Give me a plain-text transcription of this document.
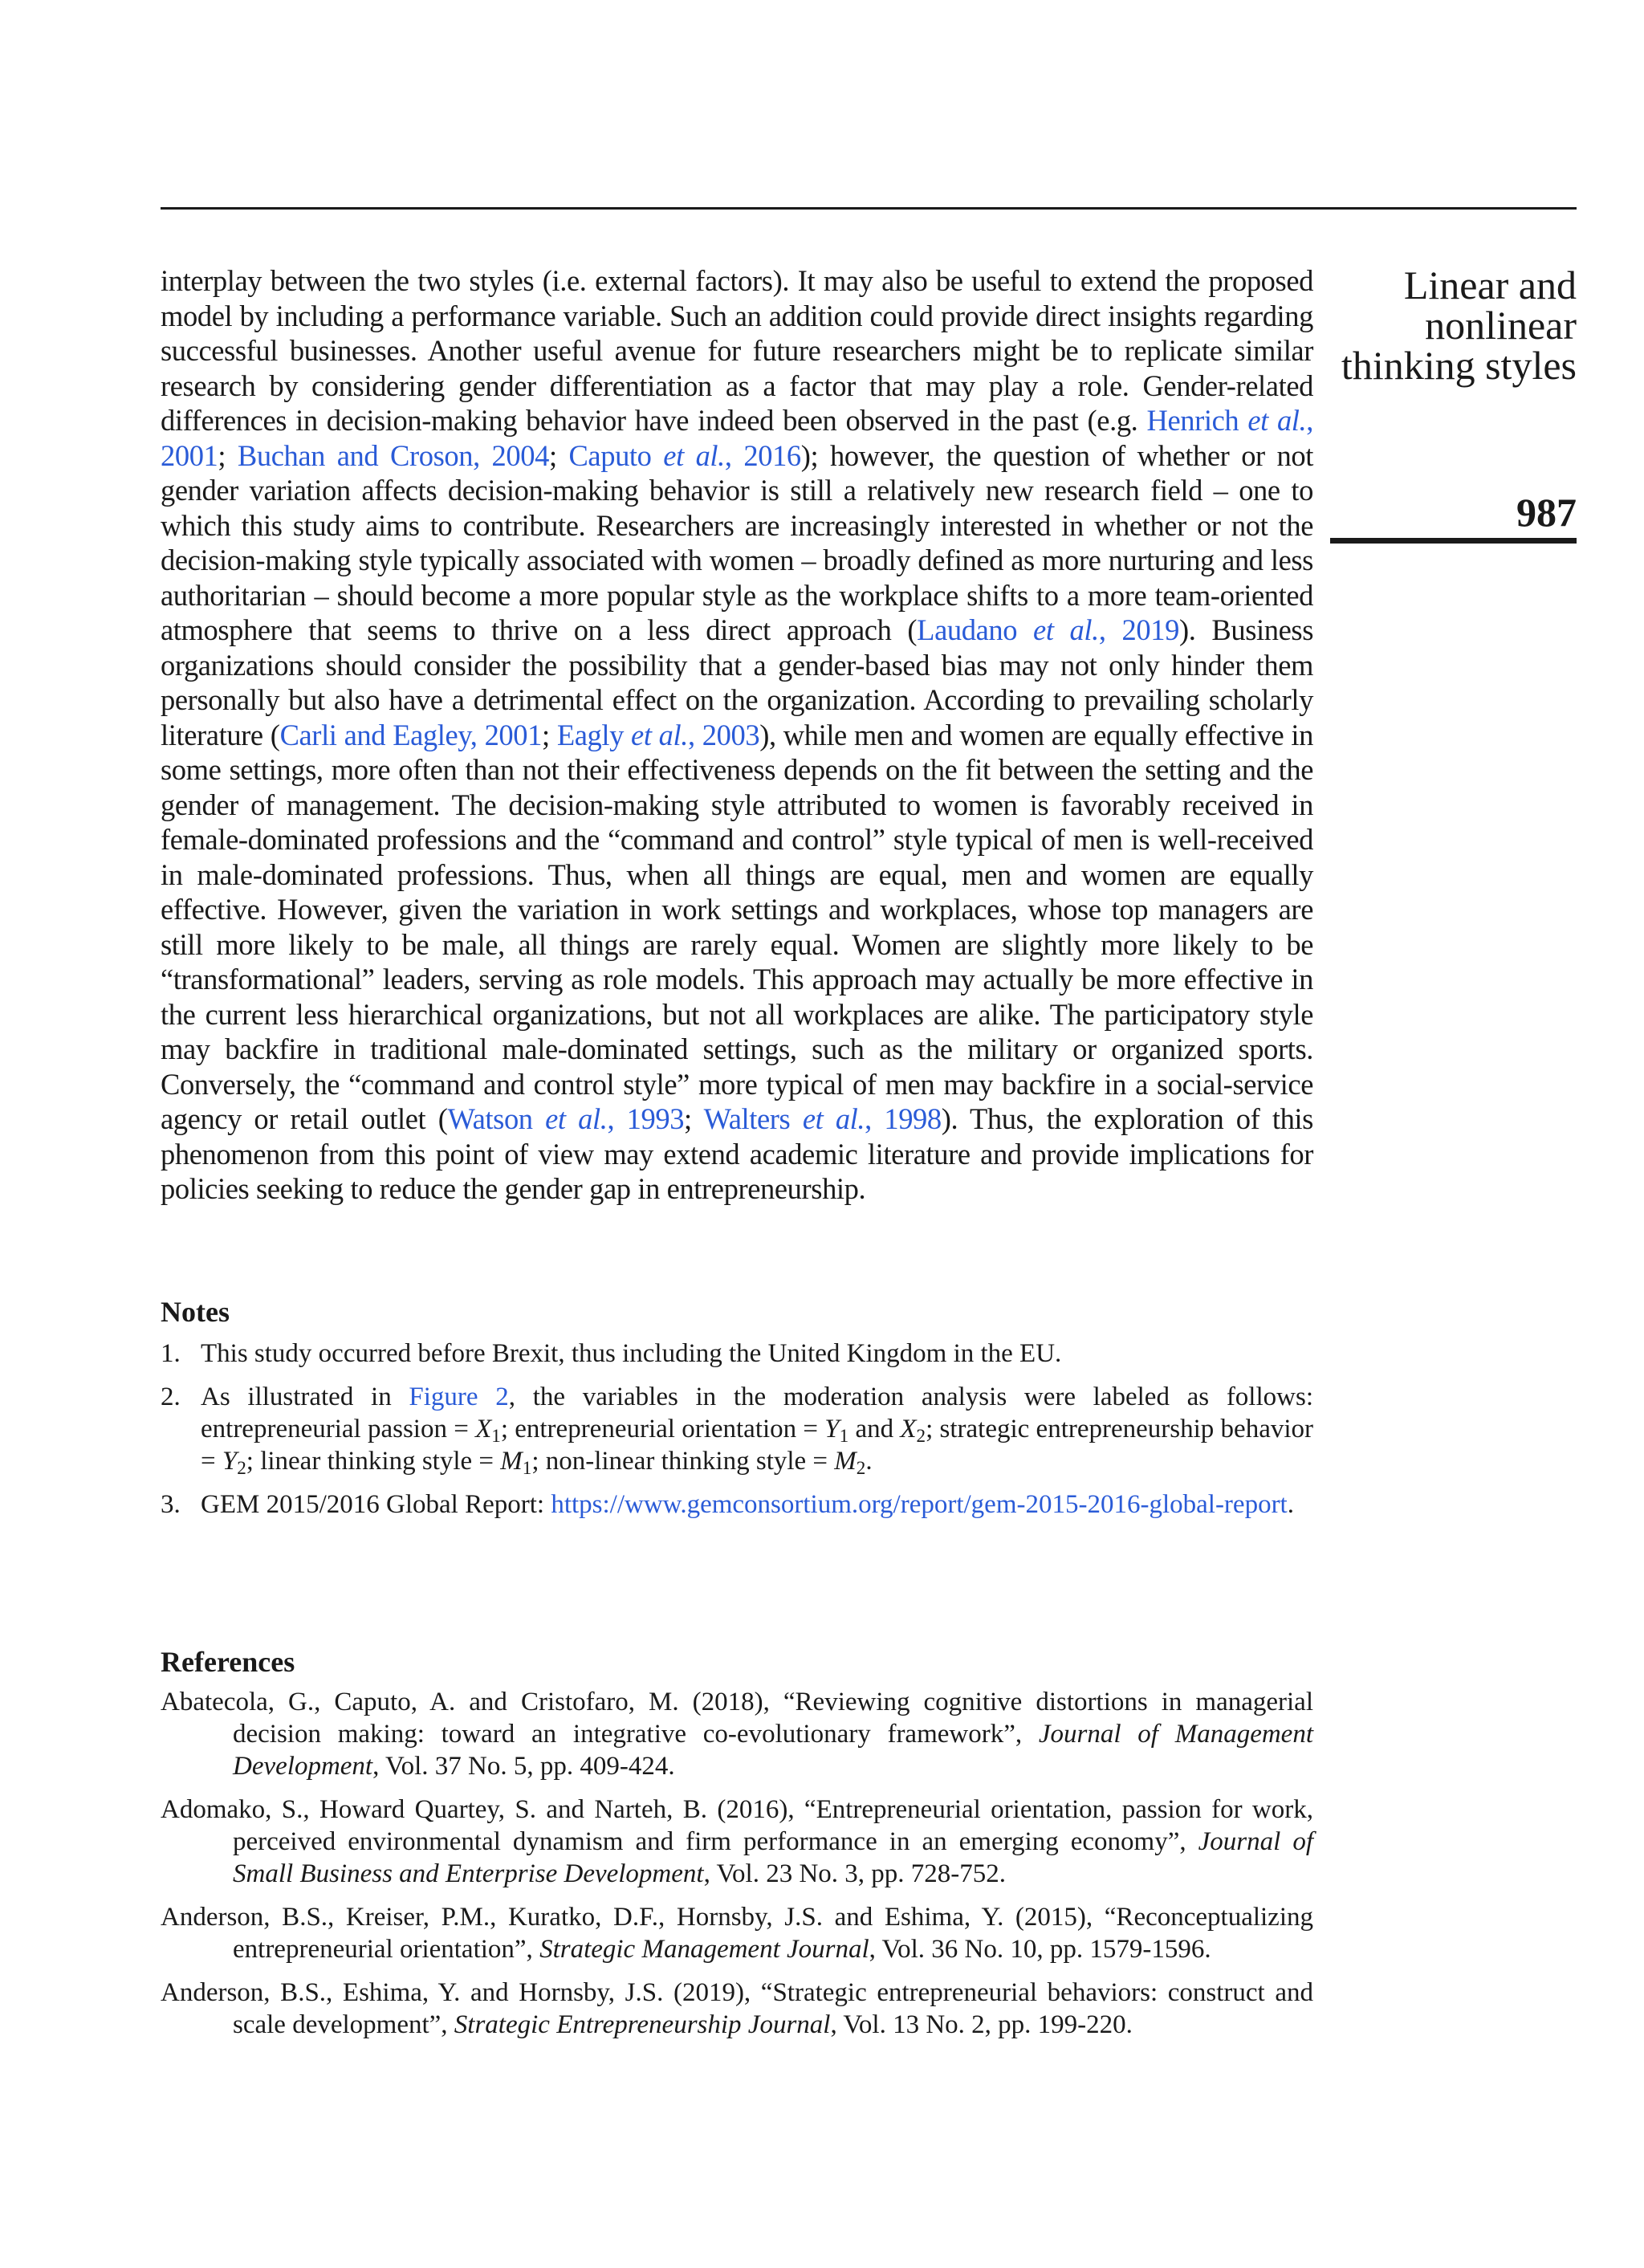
Linear and
nonlinear
thinking styles
987

interplay between the two styles (i.e. external factors). It may also be useful to extend the proposed model by including a performance variable. Such an addition could provide direct insights regarding successful businesses. Another useful avenue for future researchers might be to replicate similar research by considering gender differentiation as a factor that may play a role. Gender-related differences in decision-making behavior have indeed been observed in the past (e.g. Henrich et al., 2001; Buchan and Croson, 2004; Caputo et al., 2016); however, the question of whether or not gender variation affects decision-making behavior is still a relatively new research field – one to which this study aims to contribute. Researchers are increasingly interested in whether or not the decision-making style typically associated with women – broadly defined as more nurturing and less authoritarian – should become a more popular style as the workplace shifts to a more team-oriented atmosphere that seems to thrive on a less direct approach (Laudano et al., 2019). Business organizations should consider the possibility that a gender-based bias may not only hinder them personally but also have a detrimental effect on the organization. According to prevailing scholarly literature (Carli and Eagley, 2001; Eagly et al., 2003), while men and women are equally effective in some settings, more often than not their effectiveness depends on the fit between the setting and the gender of management. The decision-making style attributed to women is favorably received in female-dominated professions and the “command and control” style typical of men is well-received in male-dominated professions. Thus, when all things are equal, men and women are equally effective. However, given the variation in work settings and workplaces, whose top managers are still more likely to be male, all things are rarely equal. Women are slightly more likely to be “transformational” leaders, serving as role models. This approach may actually be more effective in the current less hierarchical organizations, but not all workplaces are alike. The participatory style may backfire in traditional male-dominated settings, such as the military or organized sports. Conversely, the “command and control style” more typical of men may backfire in a social-service agency or retail outlet (Watson et al., 1993; Walters et al., 1998). Thus, the exploration of this phenomenon from this point of view may extend academic literature and provide implications for policies seeking to reduce the gender gap in entrepreneurship.

Notes
1. This study occurred before Brexit, thus including the United Kingdom in the EU.
2. As illustrated in Figure 2, the variables in the moderation analysis were labeled as follows: entrepreneurial passion = $X_1$; entrepreneurial orientation = $Y_1$ and $X_2$; strategic entrepreneurship behavior = $Y_2$; linear thinking style = $M_1$; non-linear thinking style = $M_2$.
3. GEM 2015/2016 Global Report: https://www.gemconsortium.org/report/gem-2015-2016-global-report.
References

Abatecola, G., Caputo, A. and Cristofaro, M. (2018), “Reviewing cognitive distortions in managerial decision making: toward an integrative co-evolutionary framework”, Journal of Management Development, Vol. 37 No. 5, pp. 409-424.

Adomako, S., Howard Quartey, S. and Narteh, B. (2016), “Entrepreneurial orientation, passion for work, perceived environmental dynamism and firm performance in an emerging economy”, Journal of Small Business and Enterprise Development, Vol. 23 No. 3, pp. 728-752.

Anderson, B.S., Kreiser, P.M., Kuratko, D.F., Hornsby, J.S. and Eshima, Y. (2015), “Reconceptualizing entrepreneurial orientation”, Strategic Management Journal, Vol. 36 No. 10, pp. 1579-1596.

Anderson, B.S., Eshima, Y. and Hornsby, J.S. (2019), “Strategic entrepreneurial behaviors: construct and scale development”, Strategic Entrepreneurship Journal, Vol. 13 No. 2, pp. 199-220.
